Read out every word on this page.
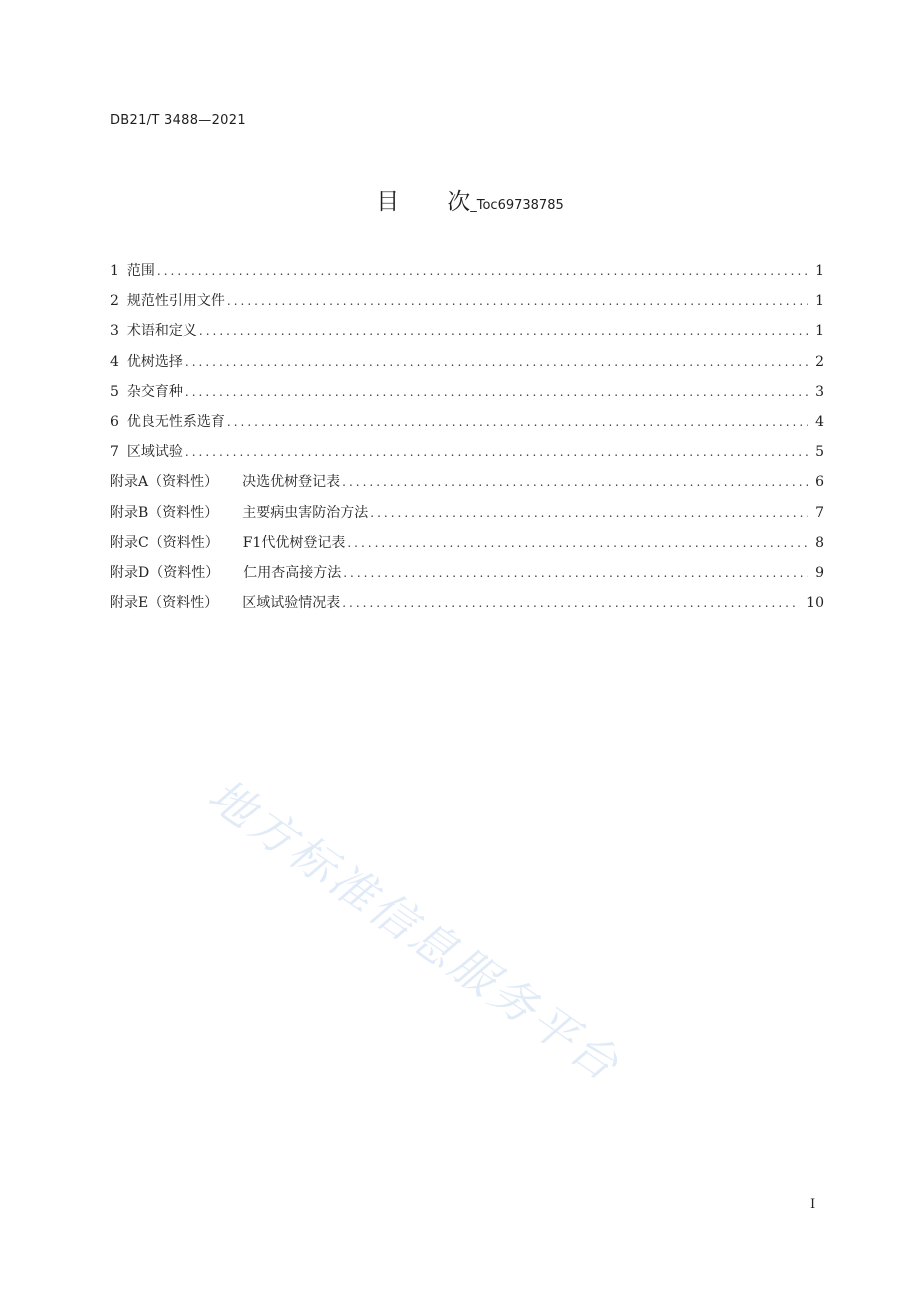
DB21/T 3488—2021
目 次_Toc69738785
1 范围 .....	1
2 规范性引用文件 .....	1
3 术语和定义 .....	1
4 优树选择 .....	2
5 杂交育种 .....	3
6 优良无性系选育 .....	4
7 区域试验 .....	5
附录A（资料性） 决选优树登记表 .....	6
附录B（资料性） 主要病虫害防治方法 .....	7
附录C（资料性） F1代优树登记表 .....	8
附录D（资料性） 仁用杏高接方法 .....	9
附录E（资料性） 区域试验情况表 .....	10
地方标准信息服务平台
I
